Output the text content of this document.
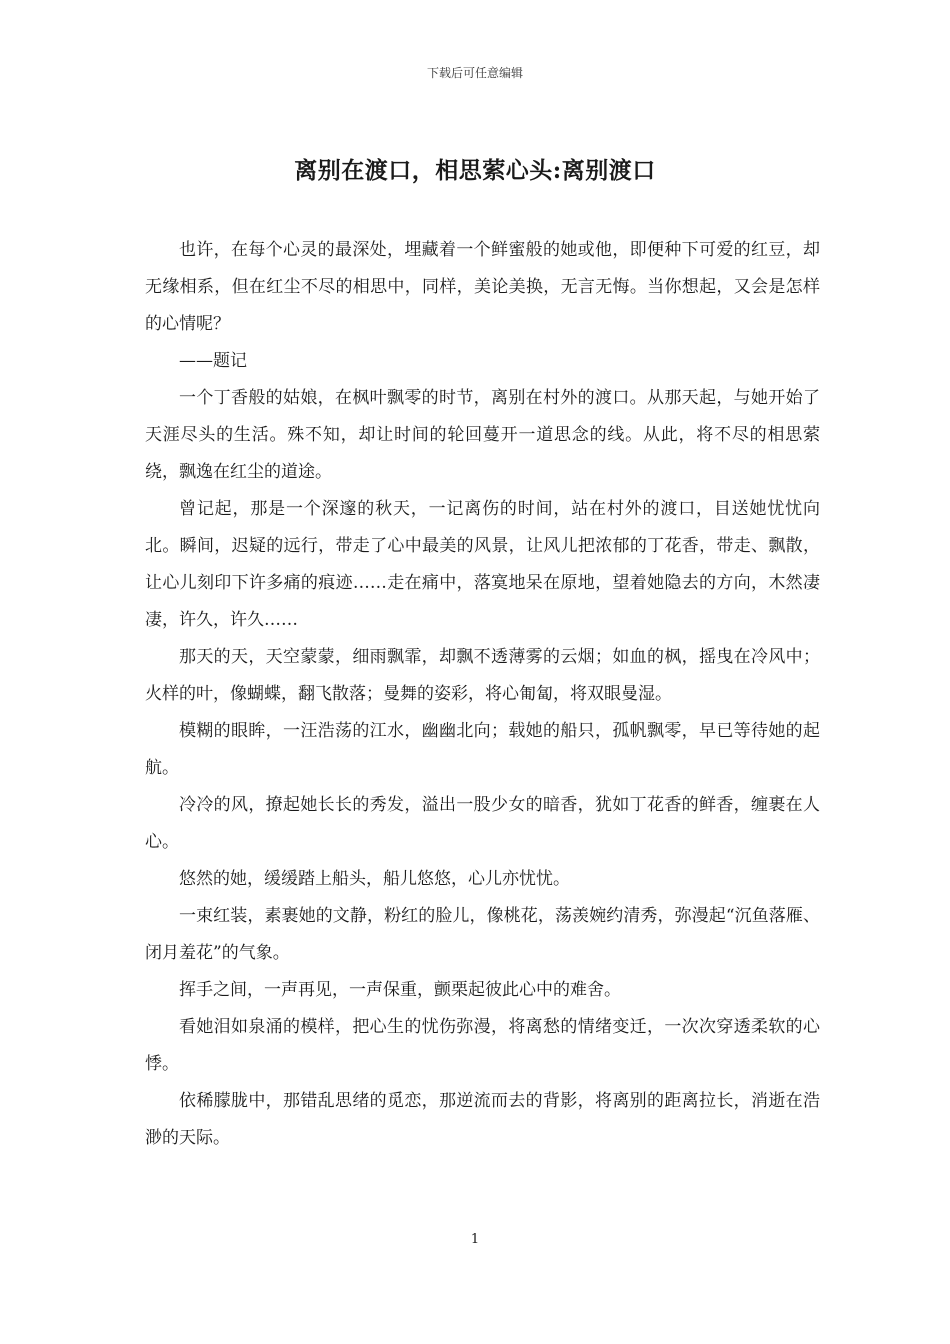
下载后可任意编辑
离别在渡口，相思萦心头:离别渡口

也许，在每个心灵的最深处，埋藏着一个鲜蜜般的她或他，即便种下可爱的红豆，却无缘相系，但在红尘不尽的相思中，同样，美论美换，无言无悔。当你想起，又会是怎样的心情呢？

——题记

一个丁香般的姑娘，在枫叶飘零的时节，离别在村外的渡口。从那天起，与她开始了天涯尽头的生活。殊不知，却让时间的轮回蔓开一道思念的线。从此，将不尽的相思萦绕，飘逸在红尘的道途。

曾记起，那是一个深邃的秋天，一记离伤的时间，站在村外的渡口，目送她忧忧向北。瞬间，迟疑的远行，带走了心中最美的风景，让风儿把浓郁的丁花香，带走、飘散，让心儿刻印下许多痛的痕迹……走在痛中，落寞地呆在原地，望着她隐去的方向，木然凄凄，许久，许久……

那天的天，天空蒙蒙，细雨飘霏，却飘不透薄雾的云烟；如血的枫，摇曳在冷风中；火样的叶，像蝴蝶，翻飞散落；曼舞的姿彩，将心匍匐，将双眼曼湿。

模糊的眼眸，一汪浩荡的江水，幽幽北向；载她的船只，孤帆飘零，早已等待她的起航。

冷冷的风，撩起她长长的秀发，溢出一股少女的暗香，犹如丁花香的鲜香，缠裹在人心。

悠然的她，缓缓踏上船头，船儿悠悠，心儿亦忧忧。

一束红装，素裹她的文静，粉红的脸儿，像桃花，荡羡婉约清秀，弥漫起“沉鱼落雁、闭月羞花”的气象。

挥手之间，一声再见，一声保重，颤栗起彼此心中的难舍。

看她泪如泉涌的模样，把心生的忧伤弥漫，将离愁的情绪变迁，一次次穿透柔软的心悸。

依稀朦胧中，那错乱思绪的觅恋，那逆流而去的背影，将离别的距离拉长，消逝在浩渺的天际。

1
